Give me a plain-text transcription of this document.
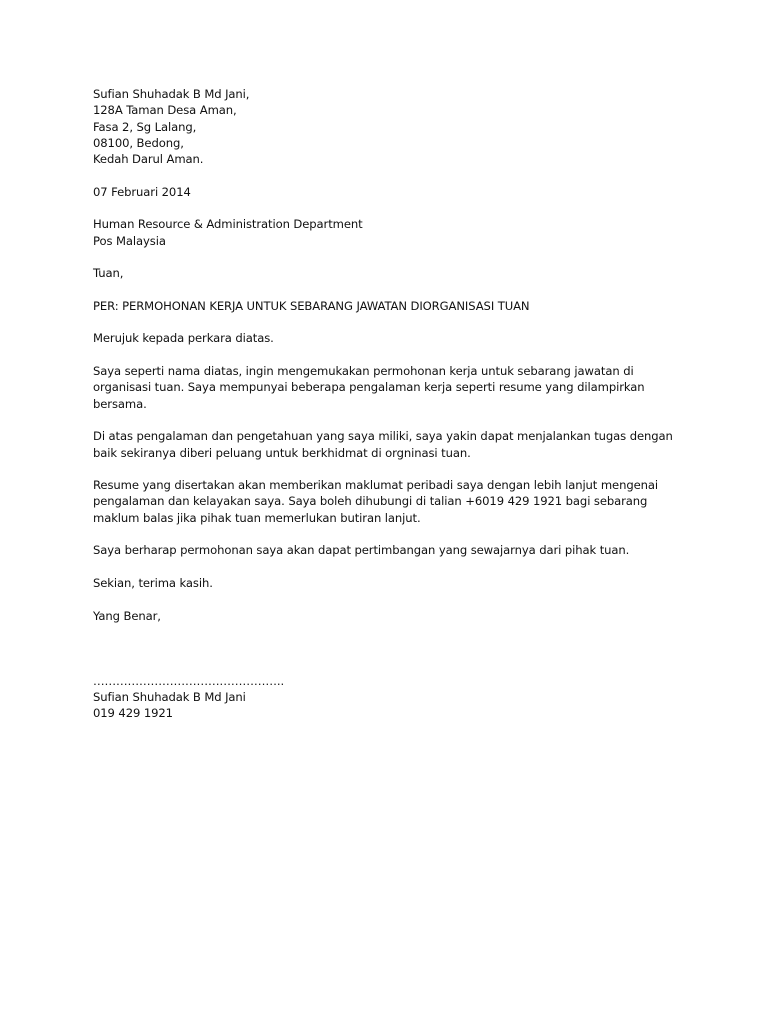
Sufian Shuhadak B Md Jani,
128A Taman Desa Aman,
Fasa 2, Sg Lalang,
08100, Bedong,
Kedah Darul Aman.
07 Februari 2014
Human Resource & Administration Department
Pos Malaysia
Tuan,
PER: PERMOHONAN KERJA UNTUK SEBARANG JAWATAN DIORGANISASI TUAN
Merujuk kepada perkara diatas.
Saya seperti nama diatas, ingin mengemukakan permohonan kerja untuk sebarang jawatan di
organisasi tuan. Saya mempunyai beberapa pengalaman kerja seperti resume yang dilampirkan
bersama.
Di atas pengalaman dan pengetahuan yang saya miliki, saya yakin dapat menjalankan tugas dengan
baik sekiranya diberi peluang untuk berkhidmat di orgninasi tuan.
Resume yang disertakan akan memberikan maklumat peribadi saya dengan lebih lanjut mengenai
pengalaman dan kelayakan saya. Saya boleh dihubungi di talian +6019 429 1921 bagi sebarang
maklum balas jika pihak tuan memerlukan butiran lanjut.
Saya berharap permohonan saya akan dapat pertimbangan yang sewajarnya dari pihak tuan.
Sekian, terima kasih.
Yang Benar,
…………………………………………..
Sufian Shuhadak B Md Jani
019 429 1921
